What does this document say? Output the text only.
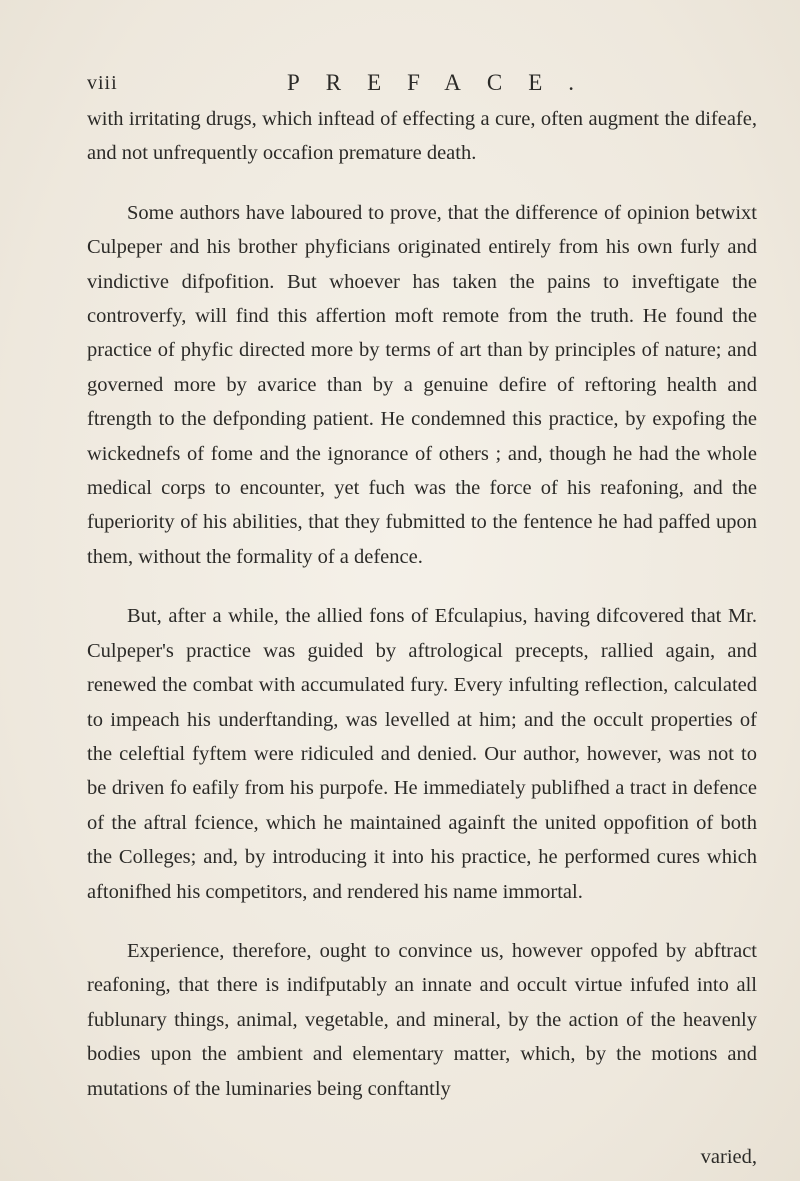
viii	PREFACE.

with irritating drugs, which inftead of effecting a cure, often augment the difeafe, and not unfrequently occafion premature death.

Some authors have laboured to prove, that the difference of opinion betwixt Culpeper and his brother phyficians originated entirely from his own furly and vindictive difpofition. But whoever has taken the pains to inveftigate the controverfy, will find this affertion moft remote from the truth. He found the practice of phyfic directed more by terms of art than by principles of nature; and governed more by avarice than by a genuine defire of reftoring health and ftrength to the defponding patient. He condemned this practice, by expofing the wickednefs of fome and the ignorance of others ; and, though he had the whole medical corps to encounter, yet fuch was the force of his reafoning, and the fuperiority of his abilities, that they fubmitted to the fentence he had paffed upon them, without the formality of a defence.

But, after a while, the allied fons of Efculapius, having difcovered that Mr. Culpeper's practice was guided by aftrological precepts, rallied again, and renewed the combat with accumulated fury. Every infulting reflection, calculated to impeach his underftanding, was levelled at him; and the occult properties of the celeftial fyftem were ridiculed and denied. Our author, however, was not to be driven fo eafily from his purpofe. He immediately publifhed a tract in defence of the aftral fcience, which he maintained againft the united oppofition of both the Colleges; and, by introducing it into his practice, he performed cures which aftonifhed his competitors, and rendered his name immortal.

Experience, therefore, ought to convince us, however oppofed by abftract reafoning, that there is indifputably an innate and occult virtue infufed into all fublunary things, animal, vegetable, and mineral, by the action of the heavenly bodies upon the ambient and elementary matter, which, by the motions and mutations of the luminaries being conftantly

varied,
